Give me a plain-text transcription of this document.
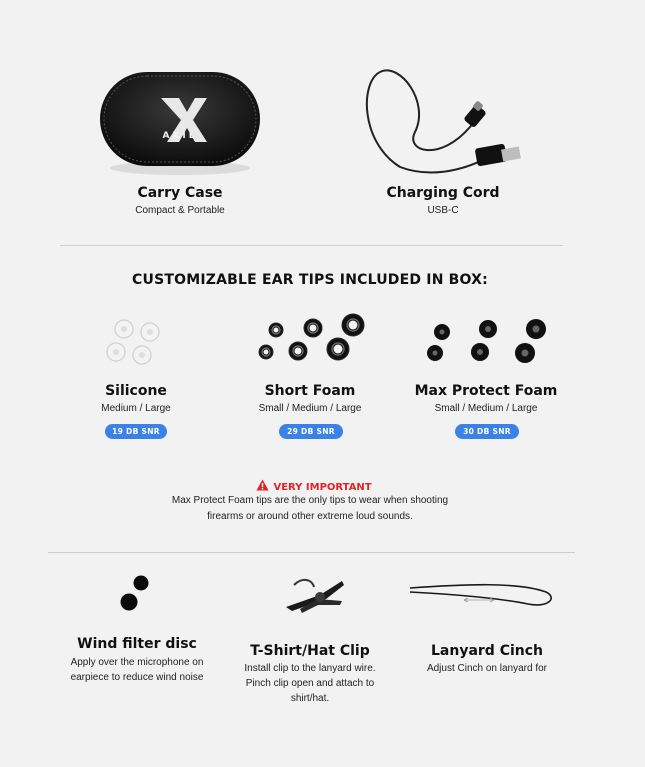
AXIL
Carry Case
Compact & Portable
Charging Cord
USB-C
CUSTOMIZABLE EAR TIPS INCLUDED IN BOX:
Silicone
Medium / Large
19 DB SNR
Short Foam
Small / Medium / Large
29 DB SNR
Max Protect Foam
Small / Medium / Large
30 DB SNR
VERY IMPORTANT
Max Protect Foam tips are the only tips to wear when shooting
firearms or around other extreme loud sounds.
Wind filter disc
Apply over the microphone on
earpiece to reduce wind noise
T-Shirt/Hat Clip
Install clip to the lanyard wire.
Pinch clip open and attach to
shirt/hat.
Lanyard Cinch
Adjust Cinch on lanyard for
